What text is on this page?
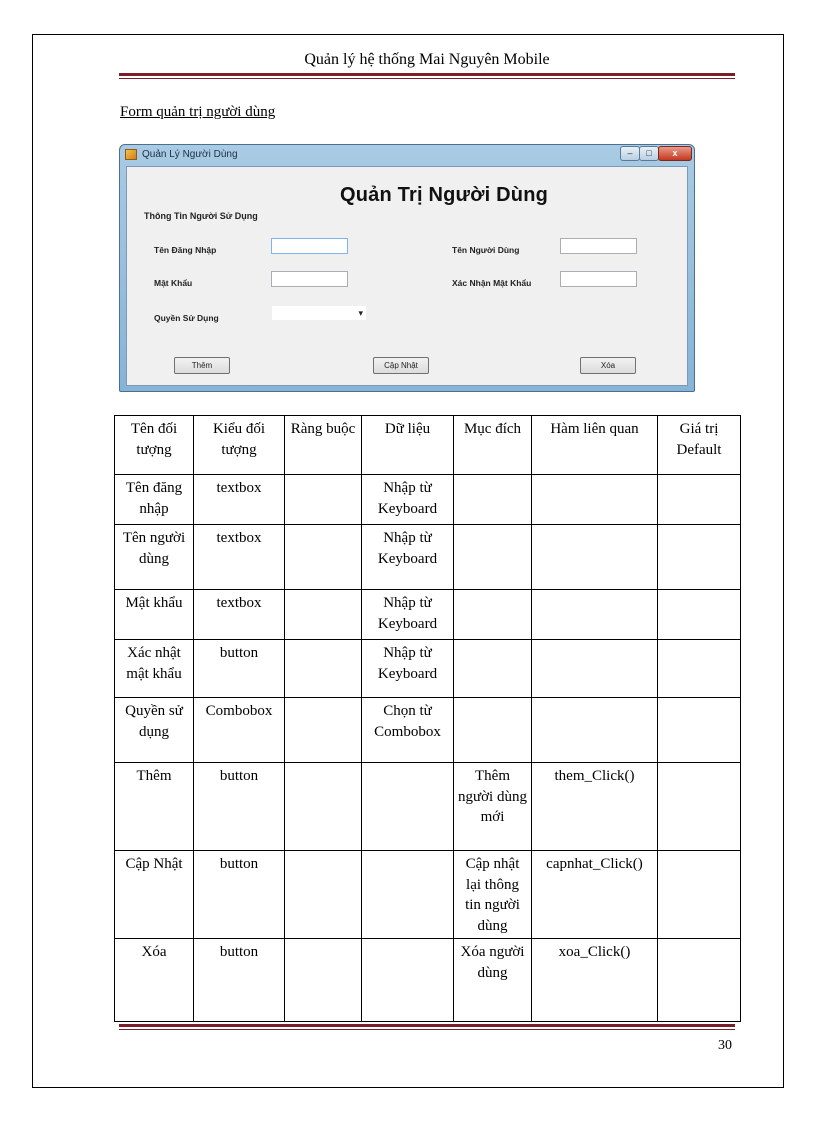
Quản lý hệ thống Mai Nguyên Mobile
Form quản trị người dùng
Quản Lý Người Dùng	–	□	x
Quản Trị Người Dùng
Thông Tin Người Sử Dụng
Tên Đăng Nhập	Tên Người Dùng
Mật Khẩu	Xác Nhận Mật Khẩu
Quyền Sử Dụng	▾
Thêm	Cập Nhật	Xóa
Tên đối tượng	Kiểu đối tượng	Ràng buộc	Dữ liệu	Mục đích	Hàm liên quan	Giá trị Default
Tên đăng nhập	textbox		Nhập từ Keyboard			
Tên người dùng	textbox		Nhập từ Keyboard			
Mật khẩu	textbox		Nhập từ Keyboard			
Xác nhật mật khẩu	button		Nhập từ Keyboard			
Quyền sử dụng	Combobox		Chọn từ Combobox			
Thêm	button			Thêm người dùng mới	them_Click()	
Cập Nhật	button			Cập nhật lại thông tin người dùng	capnhat_Click()	
Xóa	button			Xóa người dùng	xoa_Click()	
30
